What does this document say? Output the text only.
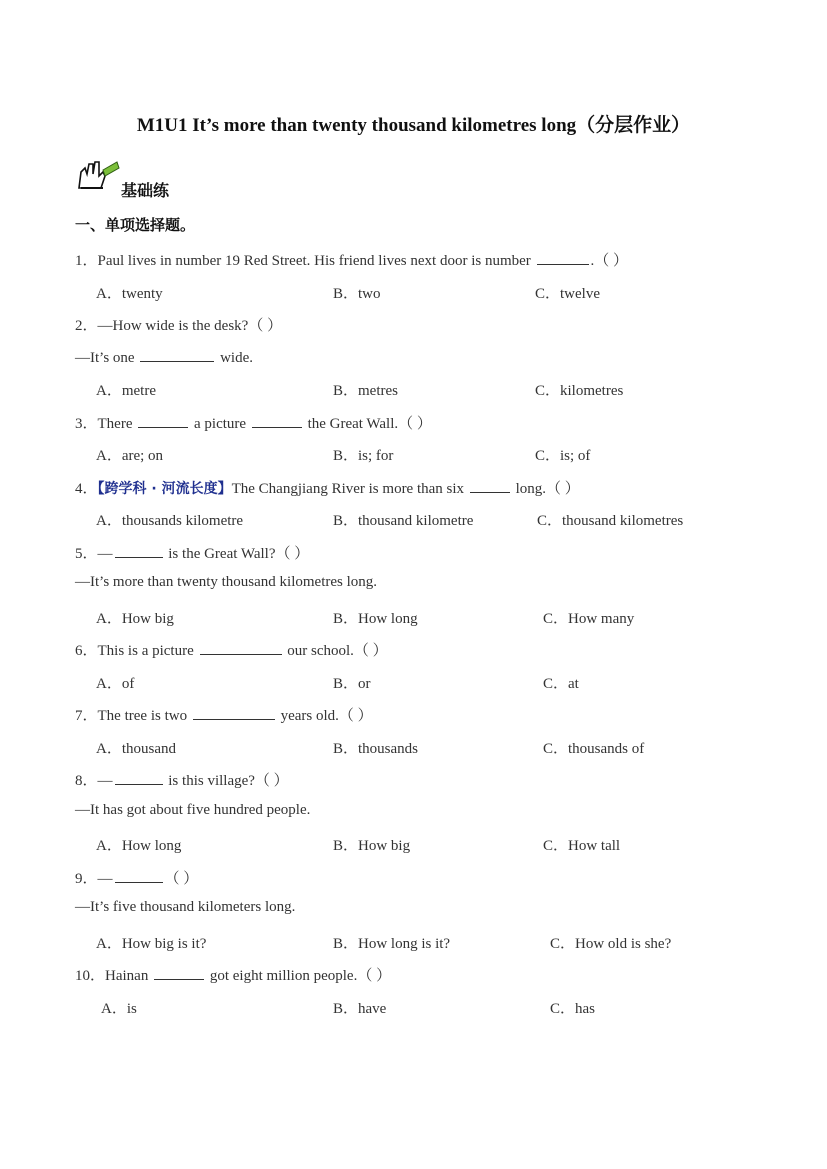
M1U1 It’s more than twenty thousand kilometres long（分层作业）
基础练
一、单项选择题。
1．Paul lives in number 19 Red Street. His friend lives next door is number	.（ ）
A．twenty	B．two	C．twelve
2．—How wide is the desk?（ ）
—It’s one	wide.
A．metre	B．metres	C．kilometres
3．There	a picture	the Great Wall.（ ）
A．are; on	B．is; for	C．is; of
4．【跨学科 · 河流长度】The Changjiang River is more than six	long.（ ）
A．thousands kilometre	B．thousand kilometre	C．thousand kilometres
5．—	is the Great Wall?（ ）
—It’s more than twenty thousand kilometres long.
A．How big	B．How long	C．How many
6．This is a picture	our school.（ ）
A．of	B．or	C．at
7．The tree is two	years old.（ ）
A．thousand	B．thousands	C．thousands of
8．—	is this village?（ ）
—It has got about five hundred people.
A．How long	B．How big	C．How tall
9．—	（ ）
—It’s five thousand kilometers long.
A．How big is it?	B．How long is it?	C．How old is she?
10．Hainan	got eight million people.（ ）
A．is	B．have	C．has
